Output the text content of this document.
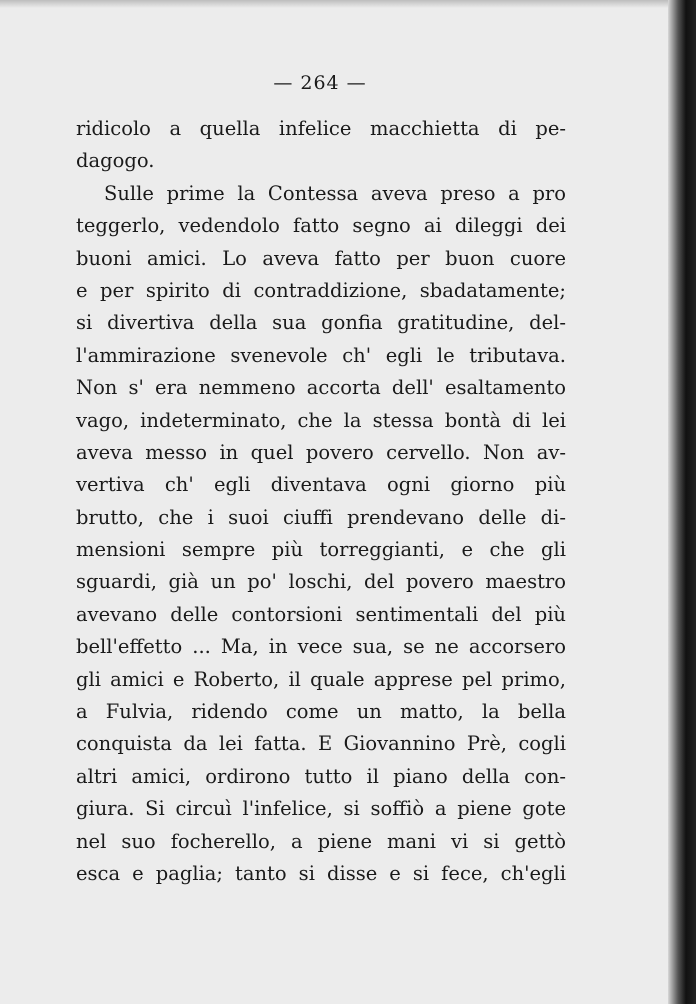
— 264 —
ridicolo a quella infelice macchietta di pe-
dagogo.
Sulle prime la Contessa aveva preso a pro
teggerlo, vedendolo fatto segno ai dileggi dei
buoni amici. Lo aveva fatto per buon cuore
e per spirito di contraddizione, sbadatamente;
si divertiva della sua gonfia gratitudine, del-
l'ammirazione svenevole ch' egli le tributava.
Non s' era nemmeno accorta dell' esaltamento
vago, indeterminato, che la stessa bontà di lei
aveva messo in quel povero cervello. Non av-
vertiva ch' egli diventava ogni giorno più
brutto, che i suoi ciuffi prendevano delle di-
mensioni sempre più torreggianti, e che gli
sguardi, già un po' loschi, del povero maestro
avevano delle contorsioni sentimentali del più
bell'effetto ... Ma, in vece sua, se ne accorsero
gli amici e Roberto, il quale apprese pel primo,
a Fulvia, ridendo come un matto, la bella
conquista da lei fatta. E Giovannino Prè, cogli
altri amici, ordirono tutto il piano della con-
giura. Si circuì l'infelice, si soffiò a piene gote
nel suo focherello, a piene mani vi si gettò
esca e paglia; tanto si disse e si fece, ch'egli
